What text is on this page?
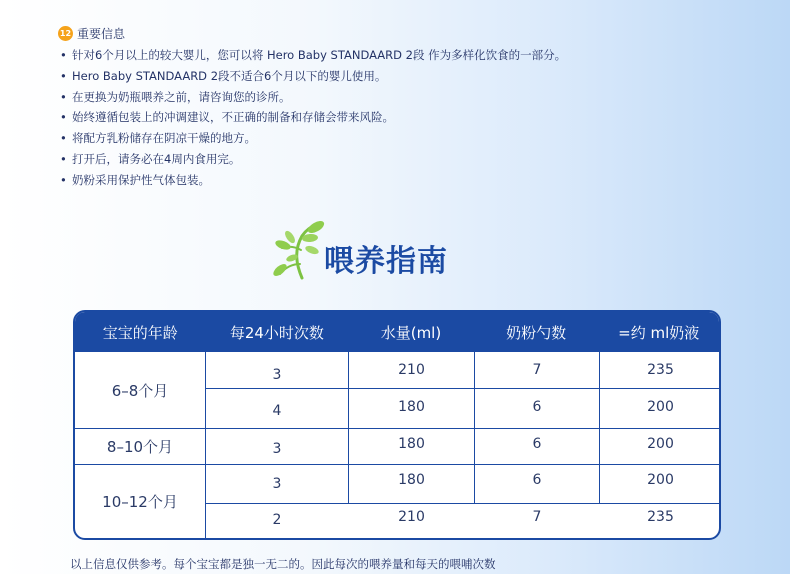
12 重要信息
• 针对6个月以上的较大婴儿，您可以将 Hero Baby STANDAARD 2段 作为多样化饮食的一部分。
• Hero Baby STANDAARD 2段不适合6个月以下的婴儿使用。
• 在更换为奶瓶喂养之前，请咨询您的诊所。
• 始终遵循包装上的冲调建议，不正确的制备和存储会带来风险。
• 将配方乳粉储存在阴凉干燥的地方。
• 打开后，请务必在4周内食用完。
• 奶粉采用保护性气体包装。
喂养指南
宝宝的年龄	每24小时次数	水量(ml)	奶粉勺数	=约 ml奶液
6–8个月
3	210	7	235
4	180	6	200
8–10个月	3	180	6	200
10–12个月
3	180	6	200
2	210	7	235
以上信息仅供参考。每个宝宝都是独一无二的。因此每次的喂养量和每天的喂哺次数
